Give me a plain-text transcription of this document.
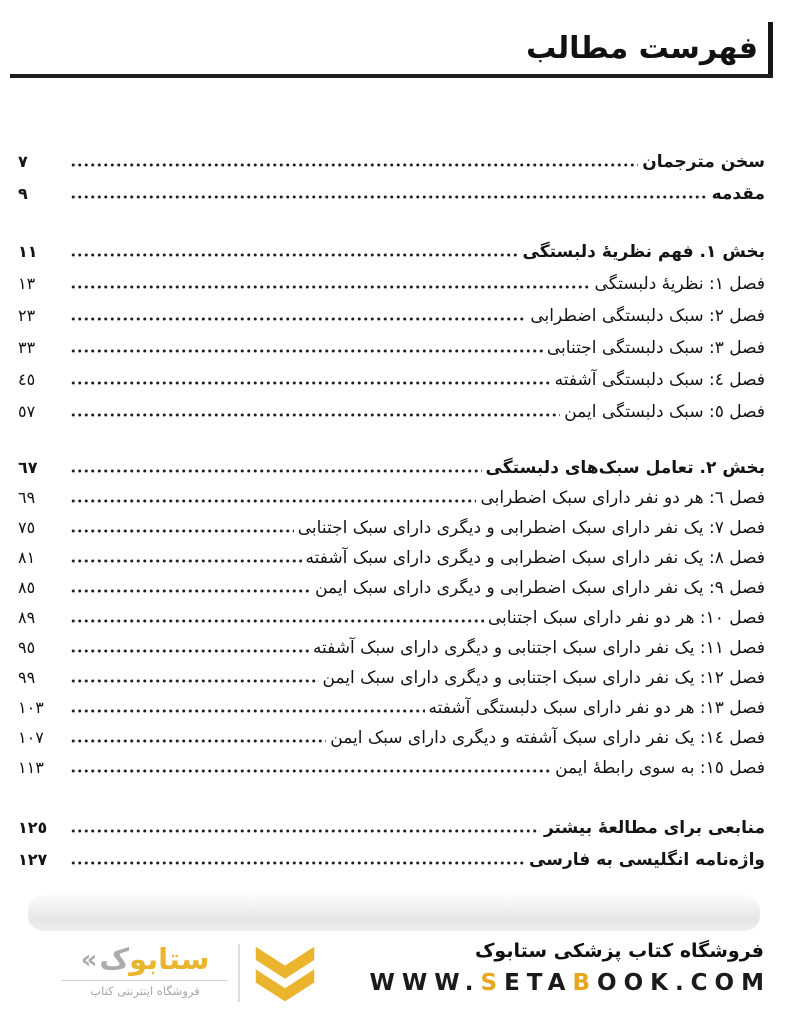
فهرست مطالب
۷	سخن مترجمان
۹	مقدمه
۱۱	بخش ۱. فهم نظریهٔ دلبستگی
۱۳	فصل ۱: نظریهٔ دلبستگی
۲۳	فصل ۲: سبک دلبستگی اضطرابی
۳۳	فصل ۳: سبک دلبستگی اجتنابی
٤٥	فصل ٤: سبک دلبستگی آشفته
٥۷	فصل ٥: سبک دلبستگی ایمن
٦۷	بخش ۲. تعامل سبک‌های دلبستگی
٦۹	فصل ٦: هر دو نفر دارای سبک اضطرابی
۷٥	فصل ۷: یک نفر دارای سبک اضطرابی و دیگری دارای سبک اجتنابی
۸۱	فصل ۸: یک نفر دارای سبک اضطرابی و دیگری دارای سبک آشفته
۸٥	فصل ۹: یک نفر دارای سبک اضطرابی و دیگری دارای سبک ایمن
۸۹	فصل ۱۰: هر دو نفر دارای سبک اجتنابی
۹٥	فصل ۱۱: یک نفر دارای سبک اجتنابی و دیگری دارای سبک آشفته
۹۹	فصل ۱۲: یک نفر دارای سبک اجتنابی و دیگری دارای سبک ایمن
۱۰۳	فصل ۱۳: هر دو نفر دارای سبک دلبستگی آشفته
۱۰۷	فصل ۱٤: یک نفر دارای سبک آشفته و دیگری دارای سبک ایمن
۱۱۳	فصل ۱٥: به سوی رابطهٔ ایمن
۱۲٥	منابعی برای مطالعهٔ بیشتر
۱۲۷	واژه‌نامه انگلیسی به فارسی
« ک ستابو
فروشگاه اینترنتی کتاب
فروشگاه کتاب پزشکی ستابوک
WWW.SETABOOK.COM
